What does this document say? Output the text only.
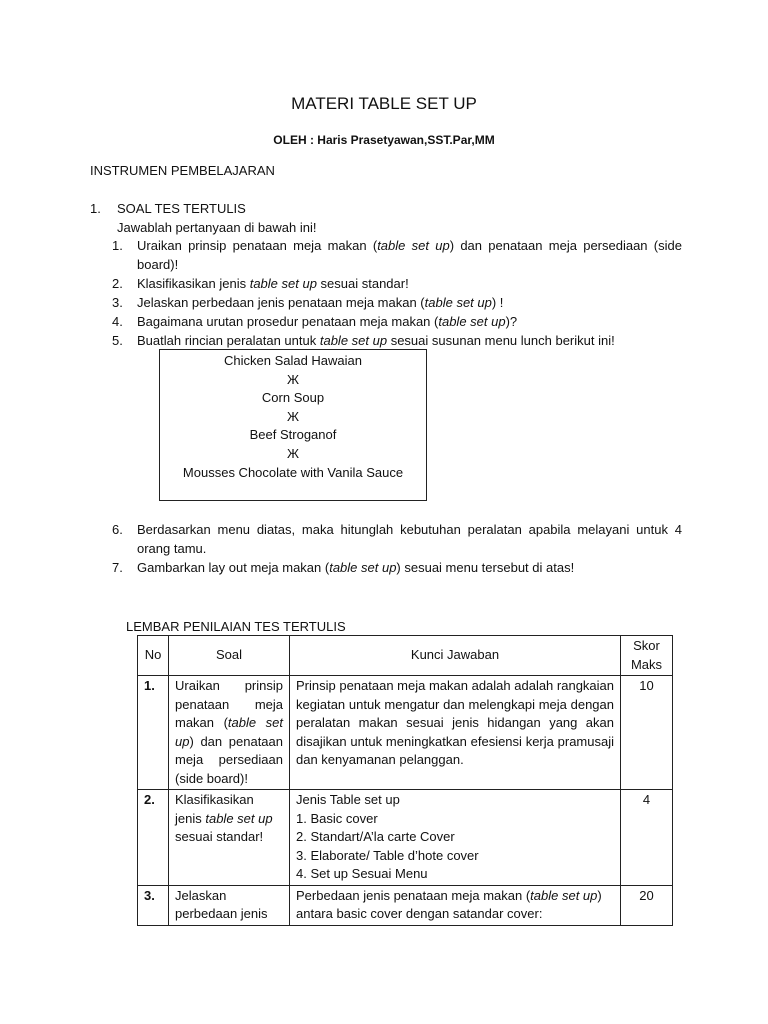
MATERI TABLE SET UP
OLEH : Haris Prasetyawan,SST.Par,MM
INSTRUMEN PEMBELAJARAN
1. SOAL TES TERTULIS
Jawablah pertanyaan di bawah ini!
1. Uraikan prinsip penataan meja makan (table set up) dan penataan meja persediaan (side board)!
2. Klasifikasikan jenis table set up sesuai standar!
3. Jelaskan perbedaan jenis penataan meja makan (table set up) !
4. Bagaimana urutan prosedur penataan meja makan (table set up)?
5. Buatlah rincian peralatan untuk table set up sesuai susunan menu lunch berikut ini!
Chicken Salad Hawaian
Ж
Corn Soup
Ж
Beef Stroganof
Ж
Mousses Chocolate with Vanila Sauce
6. Berdasarkan menu diatas, maka hitunglah kebutuhan peralatan apabila melayani untuk 4 orang tamu.
7. Gambarkan lay out meja makan (table set up) sesuai menu tersebut di atas!
LEMBAR PENILAIAN TES TERTULIS
No	Soal	Kunci Jawaban	Skor Maks
1.	Uraikan prinsip penataan meja makan (table set up) dan penataan meja persediaan (side board)!	Prinsip penataan meja makan adalah adalah rangkaian kegiatan untuk mengatur dan melengkapi meja dengan peralatan makan sesuai jenis hidangan yang akan disajikan untuk meningkatkan efesiensi kerja pramusaji dan kenyamanan pelanggan.	10
2.	Klasifikasikan jenis table set up sesuai standar!	Jenis Table set up
1. Basic cover
2. Standart/A’la carte Cover
3. Elaborate/ Table d’hote cover
4. Set up Sesuai Menu	4
3.	Jelaskan perbedaan jenis	Perbedaan jenis penataan meja makan (table set up) antara basic cover dengan satandar cover:	20
